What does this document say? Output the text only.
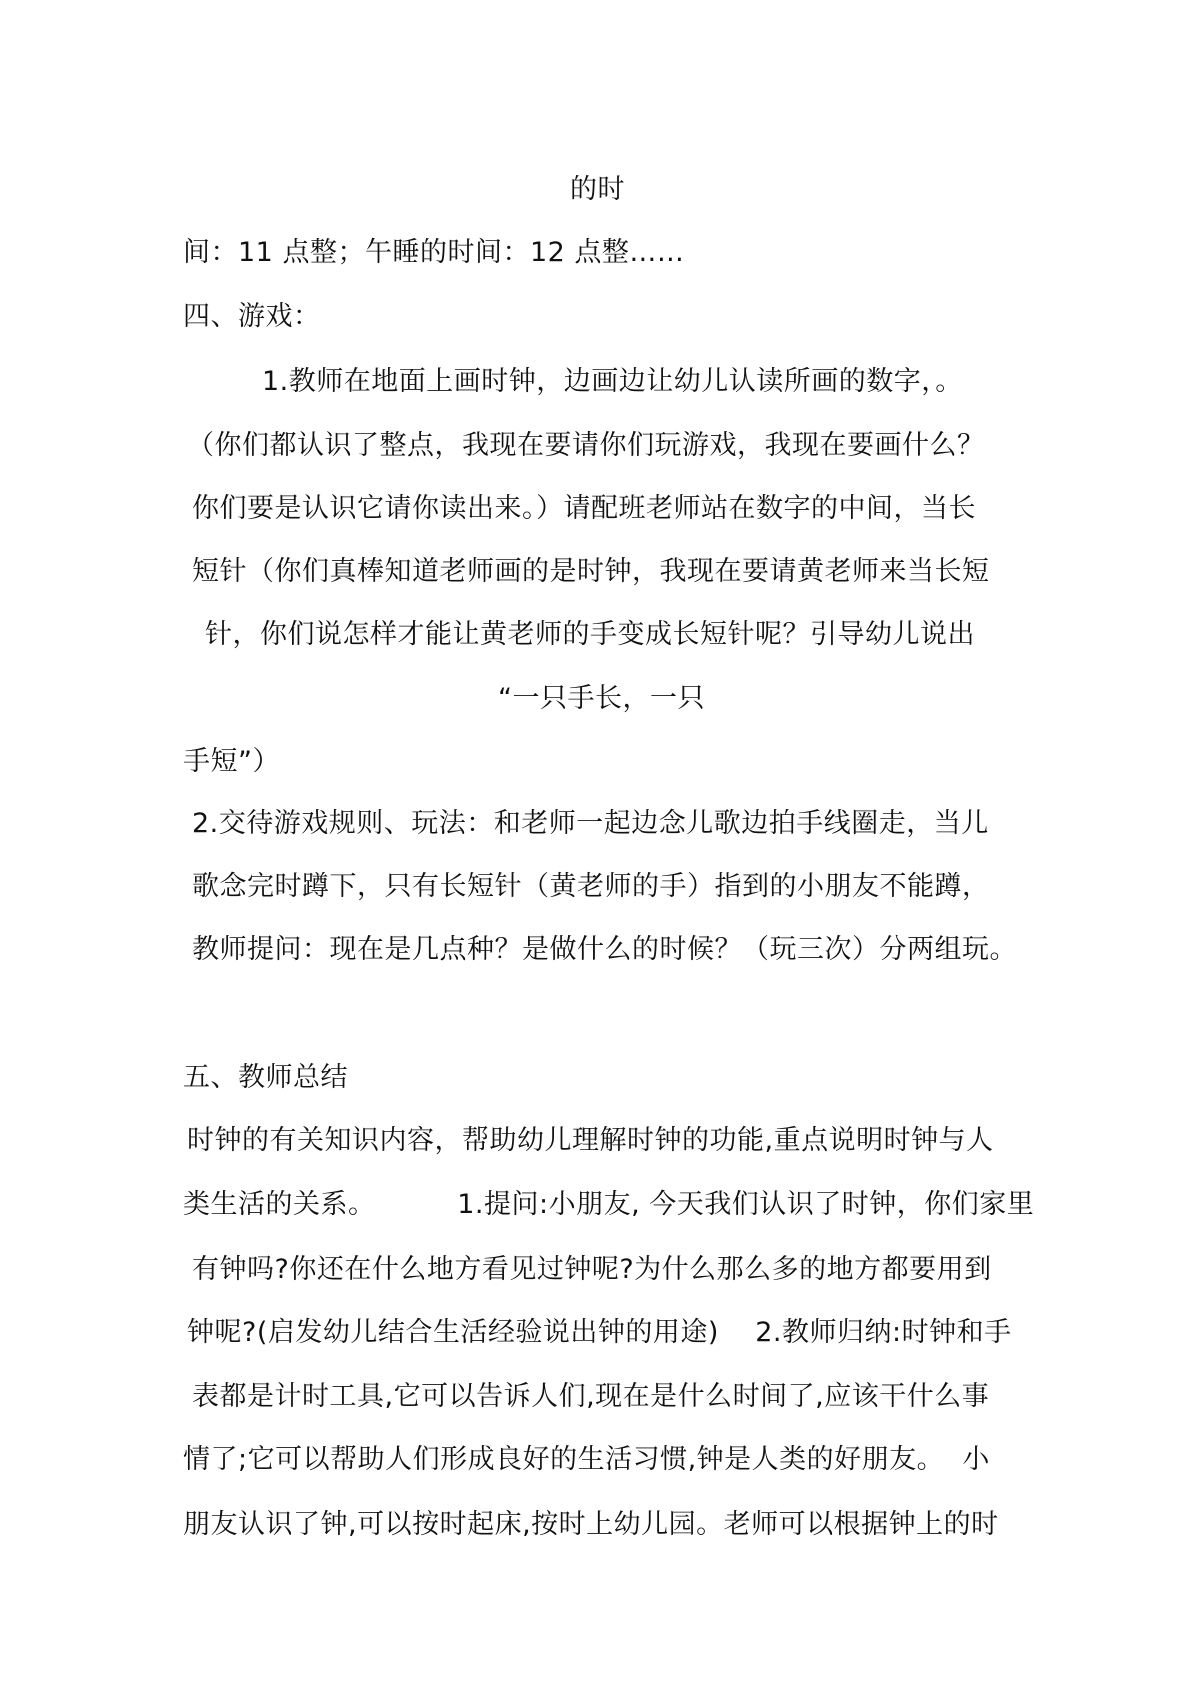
的时
间：11 点整；午睡的时间：12 点整……
四、游戏：
1.教师在地面上画时钟，边画边让幼儿认读所画的数字，。
（你们都认识了整点，我现在要请你们玩游戏，我现在要画什么？
你们要是认识它请你读出来。）请配班老师站在数字的中间，当长
短针（你们真棒知道老师画的是时钟，我现在要请黄老师来当长短
针，你们说怎样才能让黄老师的手变成长短针呢？引导幼儿说出
“一只手长，一只
手短”）
2.交待游戏规则、玩法：和老师一起边念儿歌边拍手线圈走，当儿
歌念完时蹲下，只有长短针（黄老师的手）指到的小朋友不能蹲，
教师提问：现在是几点种？是做什么的时候？（玩三次）分两组玩。
五、教师总结
时钟的有关知识内容，帮助幼儿理解时钟的功能,重点说明时钟与人
类生活的关系。         1.提问:小朋友, 今天我们认识了时钟，你们家里
有钟吗?你还在什么地方看见过钟呢?为什么那么多的地方都要用到
钟呢?(启发幼儿结合生活经验说出钟的用途)    2.教师归纳:时钟和手
表都是计时工具,它可以告诉人们,现在是什么时间了,应该干什么事
情了;它可以帮助人们形成良好的生活习惯,钟是人类的好朋友。  小
朋友认识了钟,可以按时起床,按时上幼儿园。老师可以根据钟上的时
